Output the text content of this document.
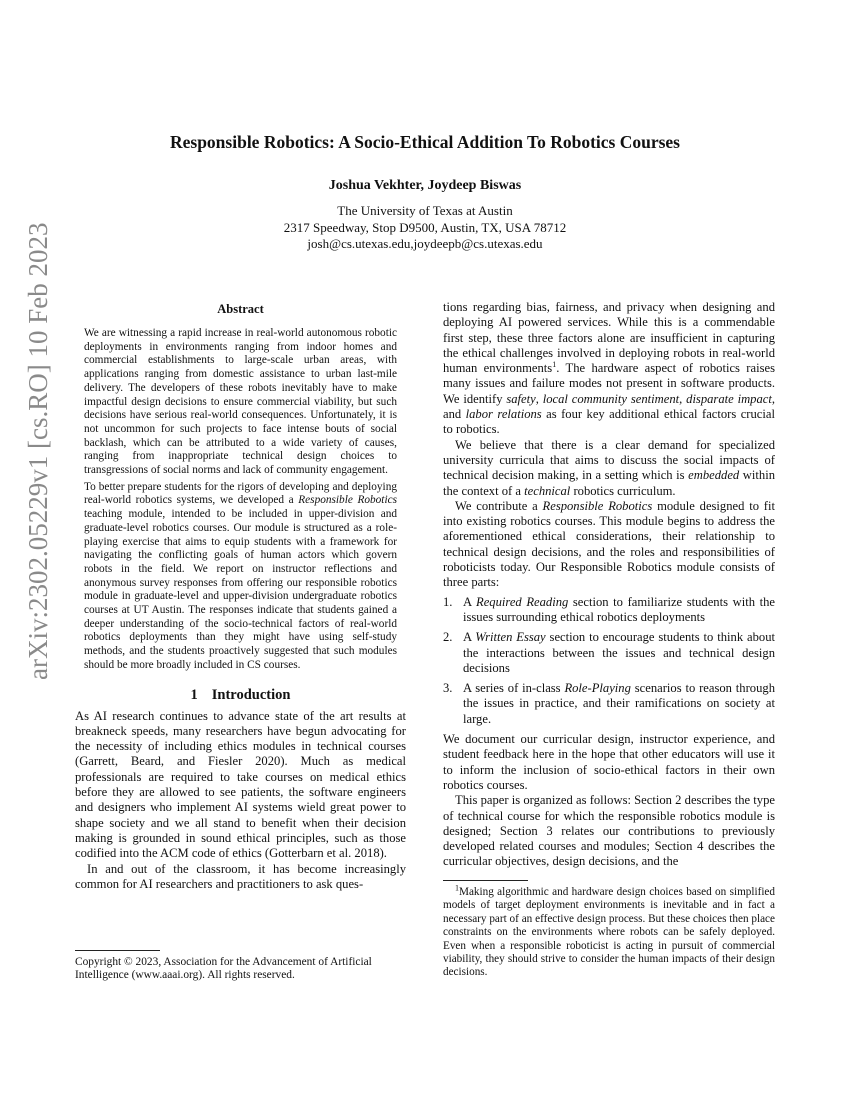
arXiv:2302.05229v1 [cs.RO] 10 Feb 2023
Responsible Robotics: A Socio-Ethical Addition To Robotics Courses
Joshua Vekhter, Joydeep Biswas
The University of Texas at Austin
2317 Speedway, Stop D9500, Austin, TX, USA 78712
josh@cs.utexas.edu,joydeepb@cs.utexas.edu
Abstract

We are witnessing a rapid increase in real-world autonomous robotic deployments in environments ranging from indoor homes and commercial establishments to large-scale urban areas, with applications ranging from domestic assistance to urban last-mile delivery. The developers of these robots inevitably have to make impactful design decisions to ensure commercial viability, but such decisions have serious real-world consequences. Unfortunately, it is not uncommon for such projects to face intense bouts of social backlash, which can be attributed to a wide variety of causes, ranging from inappropriate technical design choices to transgressions of social norms and lack of community engagement.

To better prepare students for the rigors of developing and deploying real-world robotics systems, we developed a Responsible Robotics teaching module, intended to be included in upper-division and graduate-level robotics courses. Our module is structured as a role-playing exercise that aims to equip students with a framework for navigating the conflicting goals of human actors which govern robots in the field. We report on instructor reflections and anonymous survey responses from offering our responsible robotics module in graduate-level and upper-division undergraduate robotics courses at UT Austin. The responses indicate that students gained a deeper understanding of the socio-technical factors of real-world robotics deployments than they might have using self-study methods, and the students proactively suggested that such modules should be more broadly included in CS courses.

1 Introduction

As AI research continues to advance state of the art results at breakneck speeds, many researchers have begun advocating for the necessity of including ethics modules in technical courses (Garrett, Beard, and Fiesler 2020). Much as medical professionals are required to take courses on medical ethics before they are allowed to see patients, the software engineers and designers who implement AI systems wield great power to shape society and we all stand to benefit when their decision making is grounded in sound ethical principles, such as those codified into the ACM code of ethics (Gotterbarn et al. 2018).

In and out of the classroom, it has become increasingly common for AI researchers and practitioners to ask ques-

Copyright © 2023, Association for the Advancement of Artificial Intelligence (www.aaai.org). All rights reserved.

tions regarding bias, fairness, and privacy when designing and deploying AI powered services. While this is a commendable first step, these three factors alone are insufficient in capturing the ethical challenges involved in deploying robots in real-world human environments$^1$. The hardware aspect of robotics raises many issues and failure modes not present in software products. We identify safety, local community sentiment, disparate impact, and labor relations as four key additional ethical factors crucial to robotics.

We believe that there is a clear demand for specialized university curricula that aims to discuss the social impacts of technical decision making, in a setting which is embedded within the context of a technical robotics curriculum.

We contribute a Responsible Robotics module designed to fit into existing robotics courses. This module begins to address the aforementioned ethical considerations, their relationship to technical design decisions, and the roles and responsibilities of roboticists today. Our Responsible Robotics module consists of three parts:

1. A Required Reading section to familiarize students with the issues surrounding ethical robotics deployments
2. A Written Essay section to encourage students to think about the interactions between the issues and technical design decisions
3. A series of in-class Role-Playing scenarios to reason through the issues in practice, and their ramifications on society at large.

We document our curricular design, instructor experience, and student feedback here in the hope that other educators will use it to inform the inclusion of socio-ethical factors in their own robotics courses.

This paper is organized as follows: Section 2 describes the type of technical course for which the responsible robotics module is designed; Section 3 relates our contributions to previously developed related courses and modules; Section 4 describes the curricular objectives, design decisions, and the

$^1$Making algorithmic and hardware design choices based on simplified models of target deployment environments is inevitable and in fact a necessary part of an effective design process. But these choices then place constraints on the environments where robots can be safely deployed. Even when a responsible roboticist is acting in pursuit of commercial viability, they should strive to consider the human impacts of their design decisions.
